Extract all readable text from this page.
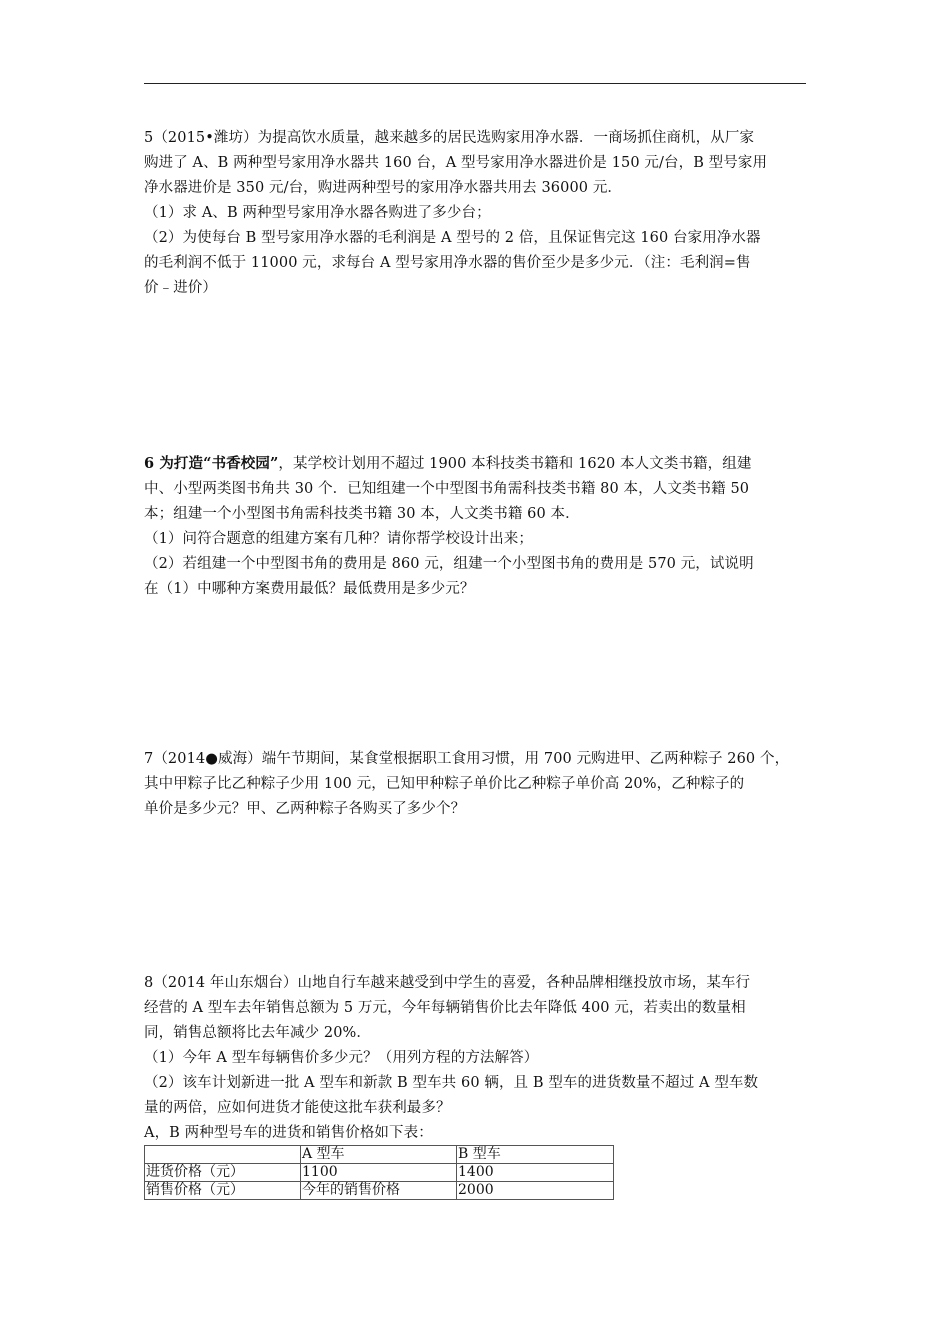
5（2015•潍坊）为提高饮水质量，越来越多的居民选购家用净水器．一商场抓住商机，从厂家

购进了 A、B 两种型号家用净水器共 160 台，A 型号家用净水器进价是 150 元/台，B 型号家用

净水器进价是 350 元/台，购进两种型号的家用净水器共用去 36000 元．

（1）求 A、B 两种型号家用净水器各购进了多少台；

（2）为使每台 B 型号家用净水器的毛利润是 A 型号的 2 倍，且保证售完这 160 台家用净水器

的毛利润不低于 11000 元，求每台 A 型号家用净水器的售价至少是多少元．（注：毛利润=售

价﹣进价）

6 为打造“书香校园”，某学校计划用不超过 1900 本科技类书籍和 1620 本人文类书籍，组建

中、小型两类图书角共 30 个．已知组建一个中型图书角需科技类书籍 80 本，人文类书籍 50

本；组建一个小型图书角需科技类书籍 30 本，人文类书籍 60 本．

（1）问符合题意的组建方案有几种？请你帮学校设计出来；

（2）若组建一个中型图书角的费用是 860 元，组建一个小型图书角的费用是 570 元，试说明

在（1）中哪种方案费用最低？最低费用是多少元？

7（2014●威海）端午节期间，某食堂根据职工食用习惯，用 700 元购进甲、乙两种粽子 260 个，

其中甲粽子比乙种粽子少用 100 元，已知甲种粽子单价比乙种粽子单价高 20%，乙种粽子的

单价是多少元？甲、乙两种粽子各购买了多少个？

8（2014 年山东烟台）山地自行车越来越受到中学生的喜爱，各种品牌相继投放市场，某车行

经营的 A 型车去年销售总额为 5 万元，今年每辆销售价比去年降低 400 元，若卖出的数量相

同，销售总额将比去年减少 20%．

（1）今年 A 型车每辆售价多少元？（用列方程的方法解答）

（2）该车计划新进一批 A 型车和新款 B 型车共 60 辆，且 B 型车的进货数量不超过 A 型车数

量的两倍，应如何进货才能使这批车获利最多？

A，B 两种型号车的进货和销售价格如下表：

	A 型车	B 型车
进货价格（元）	1100	1400
销售价格（元）	今年的销售价格	2000
